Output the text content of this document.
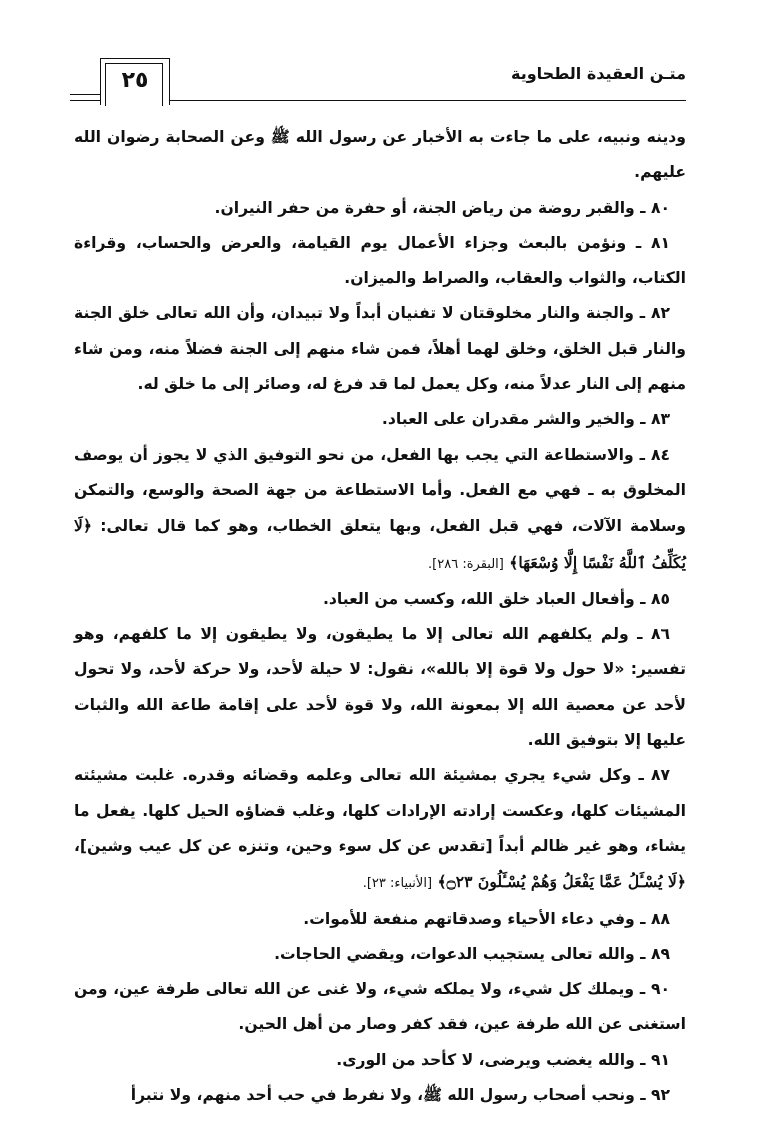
٢٥	متـن العقيدة الطحاوية

ودينه ونبيه، على ما جاءت به الأخبار عن رسول الله ﷺ وعن الصحابة رضوان الله عليهم.

٨٠ ـ والقبر روضة من رياض الجنة، أو حفرة من حفر النيران.

٨١ ـ ونؤمن بالبعث وجزاء الأعمال يوم القيامة، والعرض والحساب، وقراءة الكتاب، والثواب والعقاب، والصراط والميزان.

٨٢ ـ والجنة والنار مخلوقتان لا تفنيان أبداً ولا تبيدان، وأن الله تعالى خلق الجنة والنار قبل الخلق، وخلق لهما أهلاً، فمن شاء منهم إلى الجنة فضلاً منه، ومن شاء منهم إلى النار عدلاً منه، وكل يعمل لما قد فرغ له، وصائر إلى ما خلق له.

٨٣ ـ والخير والشر مقدران على العباد.

٨٤ ـ والاستطاعة التي يجب بها الفعل، من نحو التوفيق الذي لا يجوز أن يوصف المخلوق به ـ فهي مع الفعل. وأما الاستطاعة من جهة الصحة والوسع، والتمكن وسلامة الآلات، فهي قبل الفعل، وبها يتعلق الخطاب، وهو كما قال تعالى: ﴿لَا يُكَلِّفُ ٱللَّهُ نَفْسًا إِلَّا وُسْعَهَا﴾ [البقرة: ٢٨٦].

٨٥ ـ وأفعال العباد خلق الله، وكسب من العباد.

٨٦ ـ ولم يكلفهم الله تعالى إلا ما يطيقون، ولا يطيقون إلا ما كلفهم، وهو تفسير: «لا حول ولا قوة إلا بالله»، نقول: لا حيلة لأحد، ولا حركة لأحد، ولا تحول لأحد عن معصية الله إلا بمعونة الله، ولا قوة لأحد على إقامة طاعة الله والثبات عليها إلا بتوفيق الله.

٨٧ ـ وكل شيء يجري بمشيئة الله تعالى وعلمه وقضائه وقدره. غلبت مشيئته المشيئات كلها، وعكست إرادته الإرادات كلها، وغلب قضاؤه الحيل كلها. يفعل ما يشاء، وهو غير ظالم أبداً [تقدس عن كل سوء وحين، وتنزه عن كل عيب وشين]، ﴿لَا يُسْـَٔلُ عَمَّا يَفْعَلُ وَهُمْ يُسْـَٔلُونَ ۝٢٣﴾ [الأنبياء: ٢٣].

٨٨ ـ وفي دعاء الأحياء وصدقاتهم منفعة للأموات.

٨٩ ـ والله تعالى يستجيب الدعوات، ويقضي الحاجات.

٩٠ ـ ويملك كل شيء، ولا يملكه شيء، ولا غنى عن الله تعالى طرفة عين، ومن استغنى عن الله طرفة عين، فقد كفر وصار من أهل الحين.

٩١ ـ والله يغضب ويرضى، لا كأحد من الورى.

٩٢ ـ ونحب أصحاب رسول الله ﷺ، ولا نفرط في حب أحد منهم، ولا نتبرأ
